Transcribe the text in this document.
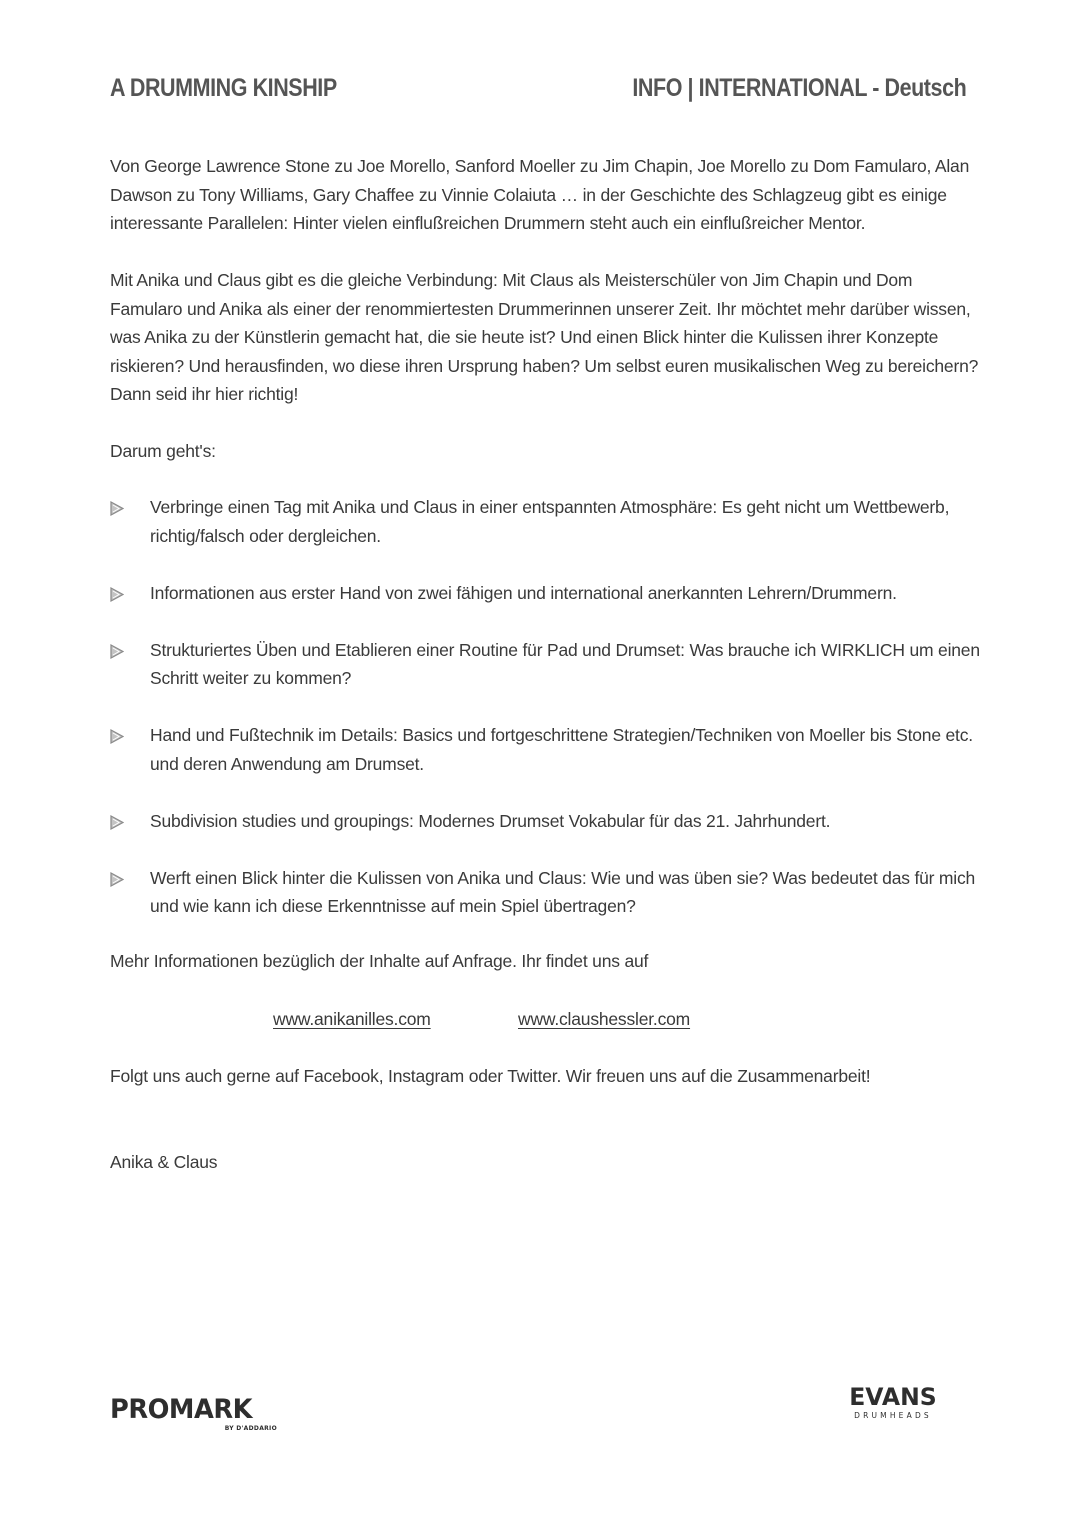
A DRUMMING KINSHIP	INFO | INTERNATIONAL - Deutsch

Von George Lawrence Stone zu Joe Morello, Sanford Moeller zu Jim Chapin, Joe Morello zu Dom Famularo, Alan Dawson zu Tony Williams, Gary Chaffee zu Vinnie Colaiuta … in der Geschichte des Schlagzeug gibt es einige interessante Parallelen: Hinter vielen einflußreichen Drummern steht auch ein einflußreicher Mentor.

Mit Anika und Claus gibt es die gleiche Verbindung: Mit Claus als Meisterschüler von Jim Chapin und Dom Famularo und Anika als einer der renommiertesten Drummerinnen unserer Zeit. Ihr möchtet mehr darüber wissen, was Anika zu der Künstlerin gemacht hat, die sie heute ist? Und einen Blick hinter die Kulissen ihrer Konzepte riskieren? Und herausfinden, wo diese ihren Ursprung haben? Um selbst euren musikalischen Weg zu bereichern? Dann seid ihr hier richtig!

Darum geht's:

Verbringe einen Tag mit Anika und Claus in einer entspannten Atmosphäre: Es geht nicht um Wettbewerb, richtig/falsch oder dergleichen.
Informationen aus erster Hand von zwei fähigen und international anerkannten Lehrern/Drummern.
Strukturiertes Üben und Etablieren einer Routine für Pad und Drumset: Was brauche ich WIRKLICH um einen Schritt weiter zu kommen?
Hand und Fußtechnik im Details: Basics und fortgeschrittene Strategien/Techniken von Moeller bis Stone etc. und deren Anwendung am Drumset.
Subdivision studies und groupings: Modernes Drumset Vokabular für das 21. Jahrhundert.
Werft einen Blick hinter die Kulissen von Anika und Claus: Wie und was üben sie? Was bedeutet das für mich und wie kann ich diese Erkenntnisse auf mein Spiel übertragen?

Mehr Informationen bezüglich der Inhalte auf Anfrage. Ihr findet uns auf

www.anikanilles.com	www.claushessler.com

Folgt uns auch gerne auf Facebook, Instagram oder Twitter. Wir freuen uns auf die Zusammenarbeit!

Anika & Claus

PROMARK
BY D'ADDARIO
EVANS
DRUMHEADS
